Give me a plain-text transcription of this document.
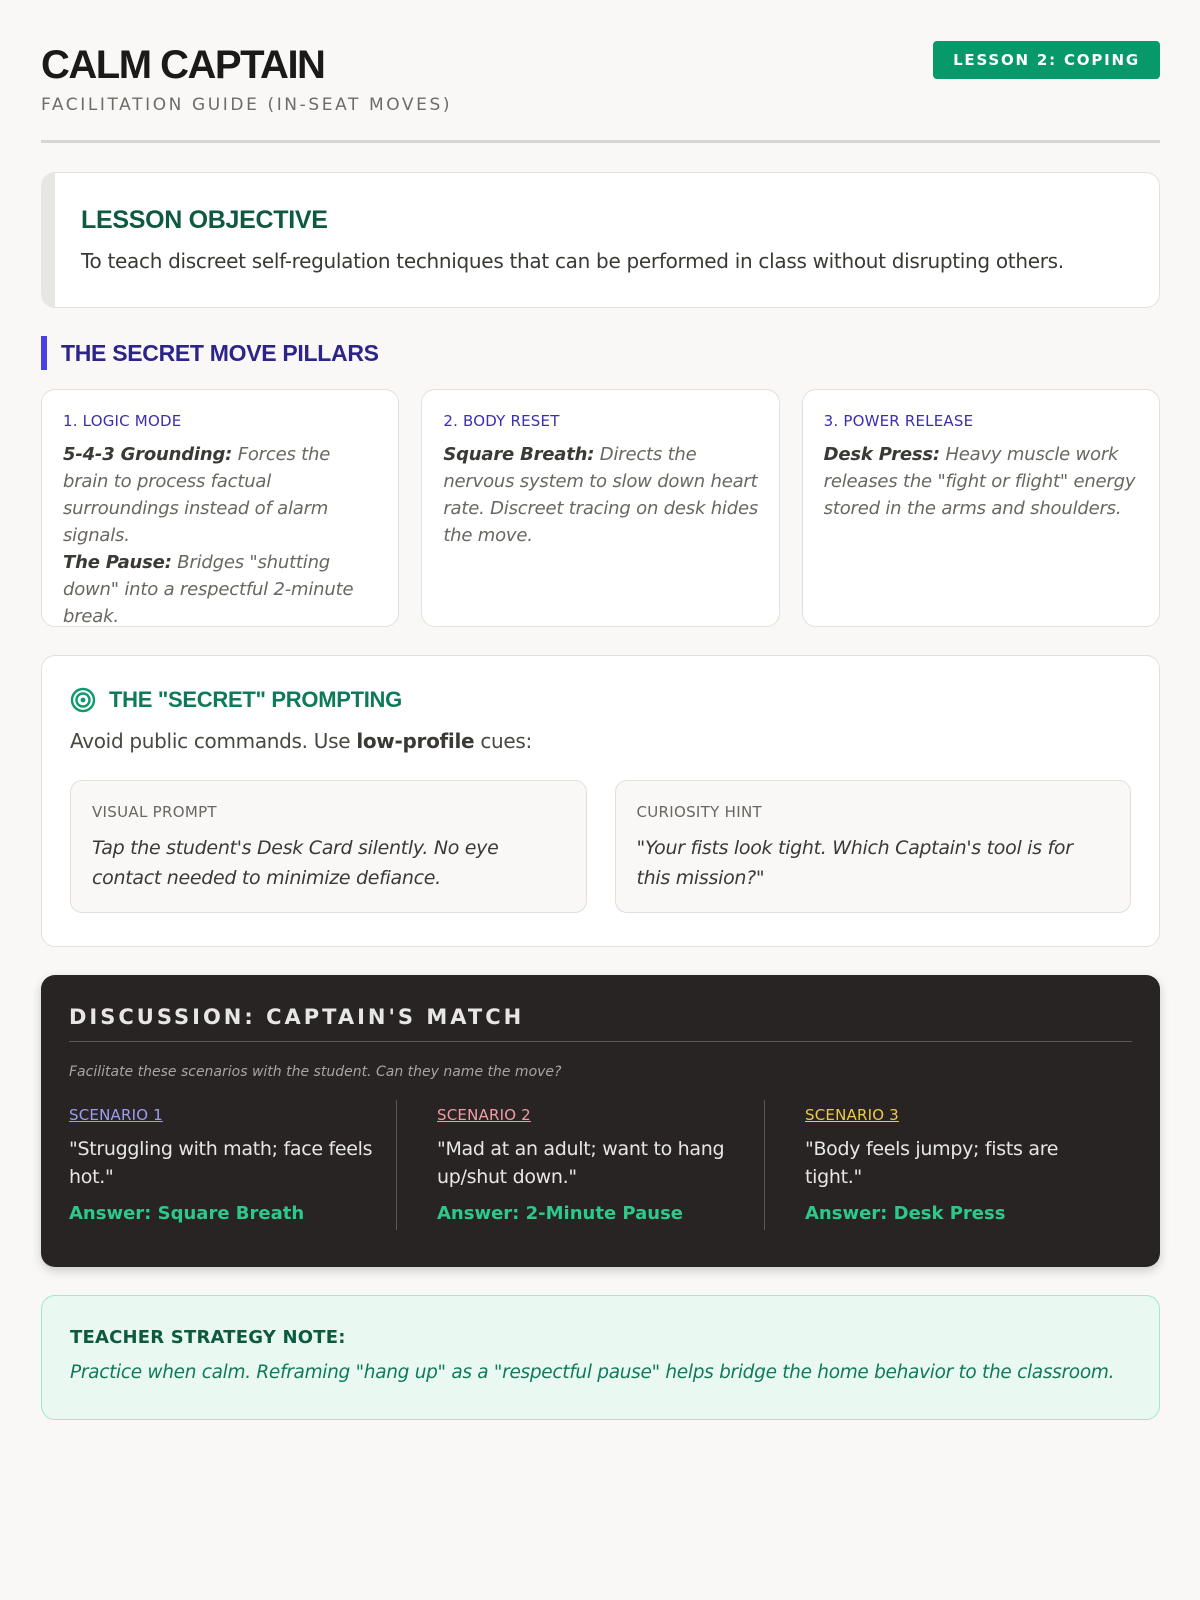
CALM CAPTAIN
FACILITATION GUIDE (IN-SEAT MOVES)
LESSON 2: COPING
LESSON OBJECTIVE

To teach discreet self-regulation techniques that can be performed in class without disrupting others.

THE SECRET MOVE PILLARS
1. LOGIC MODE
5-4-3 Grounding: Forces the brain to process factual surroundings instead of alarm signals.
The Pause: Bridges "shutting down" into a respectful 2-minute break.
2. BODY RESET
Square Breath: Directs the nervous system to slow down heart rate. Discreet tracing on desk hides the move.
3. POWER RELEASE
Desk Press: Heavy muscle work releases the "fight or flight" energy stored in the arms and shoulders.
THE "SECRET" PROMPTING
Avoid public commands. Use low-profile cues:
VISUAL PROMPT
Tap the student's Desk Card silently. No eye contact needed to minimize defiance.
CURIOSITY HINT
"Your fists look tight. Which Captain's tool is for this mission?"
DISCUSSION: CAPTAIN'S MATCH
Facilitate these scenarios with the student. Can they name the move?
SCENARIO 1
"Struggling with math; face feels hot."
Answer: Square Breath
SCENARIO 2
"Mad at an adult; want to hang up/shut down."
Answer: 2-Minute Pause
SCENARIO 3
"Body feels jumpy; fists are tight."
Answer: Desk Press
TEACHER STRATEGY NOTE:
Practice when calm. Reframing "hang up" as a "respectful pause" helps bridge the home behavior to the classroom.
